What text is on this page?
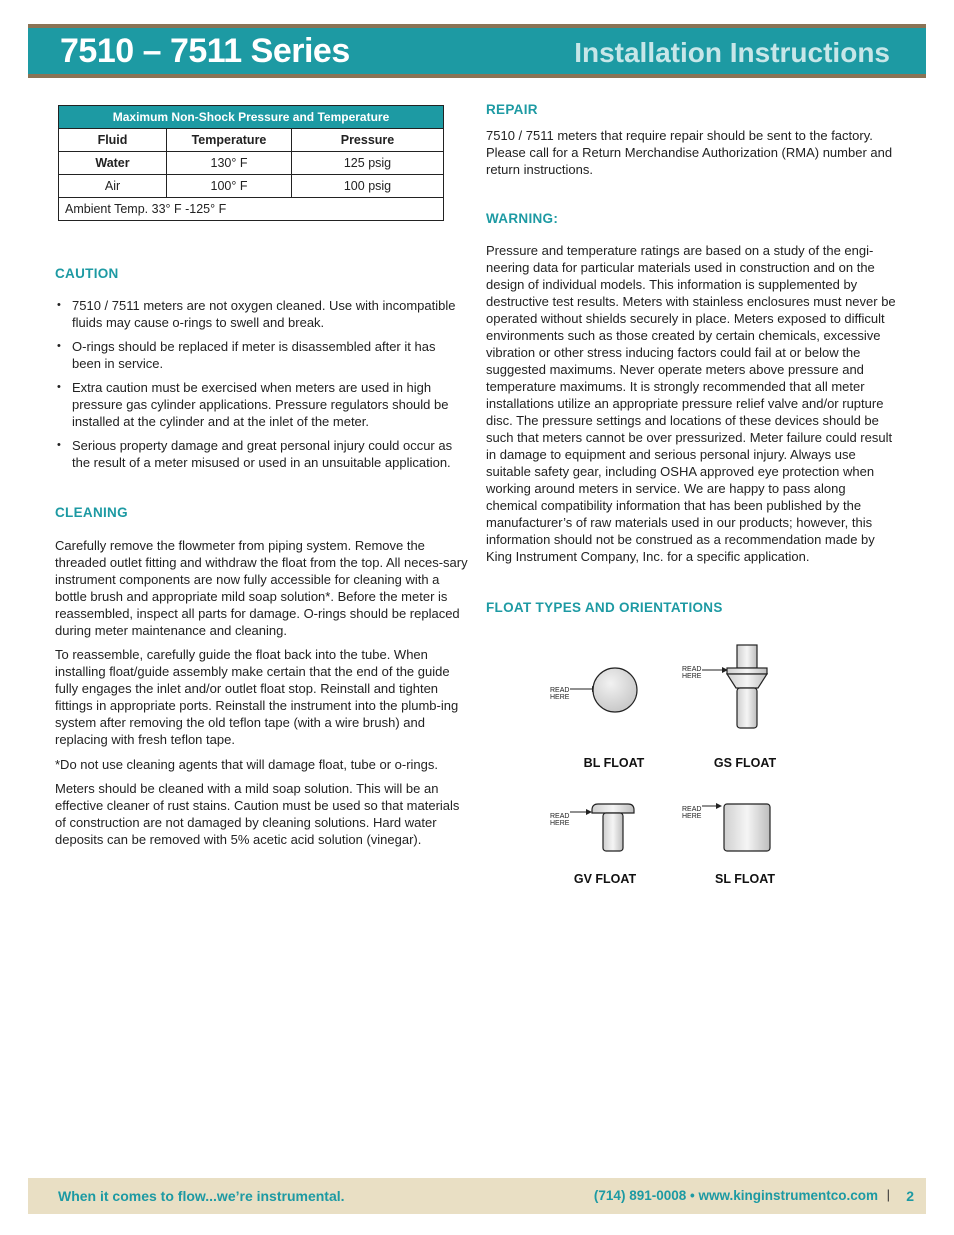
7510 – 7511 Series	Installation Instructions
Maximum Non-Shock Pressure and Temperature		
Fluid	Temperature	Pressure
Water	130° F	125 psig
Air	100° F	100 psig
Ambient Temp. 33° F -125° F		
CAUTION
• 7510 / 7511 meters are not oxygen cleaned. Use with incompatible fluids may cause o-rings to swell and break.
• O-rings should be replaced if meter is disassembled after it has been in service.
• Extra caution must be exercised when meters are used in high pressure gas cylinder applications. Pressure regulators should be installed at the cylinder and at the inlet of the meter.
• Serious property damage and great personal injury could occur as the result of a meter misused or used in an unsuitable application.
CLEANING

Carefully remove the flowmeter from piping system. Remove the threaded outlet fitting and withdraw the float from the top. All neces-sary instrument components are now fully accessible for cleaning with a bottle brush and appropriate mild soap solution*. Before the meter is reassembled, inspect all parts for damage. O-rings should be replaced during meter maintenance and cleaning.

To reassemble, carefully guide the float back into the tube. When installing float/guide assembly make certain that the end of the guide fully engages the inlet and/or outlet float stop. Reinstall and tighten fittings in appropriate ports. Reinstall the instrument into the plumb-ing system after removing the old teflon tape (with a wire brush) and replacing with fresh teflon tape.

*Do not use cleaning agents that will damage float, tube or o-rings.

Meters should be cleaned with a mild soap solution. This will be an effective cleaner of rust stains. Caution must be used so that materials of construction are not damaged by cleaning solutions. Hard water deposits can be removed with 5% acetic acid solution (vinegar).

REPAIR

7510 / 7511 meters that require repair should be sent to the factory. Please call for a Return Merchandise Authorization (RMA) number and return instructions.

WARNING:

Pressure and temperature ratings are based on a study of the engi-neering data for particular materials used in construction and on the design of individual models. This information is supplemented by destructive test results. Meters with stainless enclosures must never be operated without shields securely in place. Meters exposed to difficult environments such as those created by certain chemicals, excessive vibration or other stress inducing factors could fail at or below the suggested maximums. Never operate meters above pressure and temperature maximums. It is strongly recommended that all meter installations utilize an appropriate pressure relief valve and/or rupture disc. The pressure settings and locations of these devices should be such that meters cannot be over pressurized. Meter failure could result in damage to equipment and serious personal injury. Always use suitable safety gear, including OSHA approved eye protection when working around meters in service. We are happy to pass along chemical compatibility information that has been published by the manufacturer’s of raw materials used in our products; however, this information should not be construed as a recommendation made by King Instrument Company, Inc. for a specific application.

FLOAT TYPES AND ORIENTATIONS
READ
HERE
BL FLOAT
READ
HERE
GS FLOAT
READ
HERE
GV FLOAT
READ
HERE
SL FLOAT
When it comes to flow...we’re instrumental.	(714) 891-0008 • www.kinginstrumentco.com | 2
